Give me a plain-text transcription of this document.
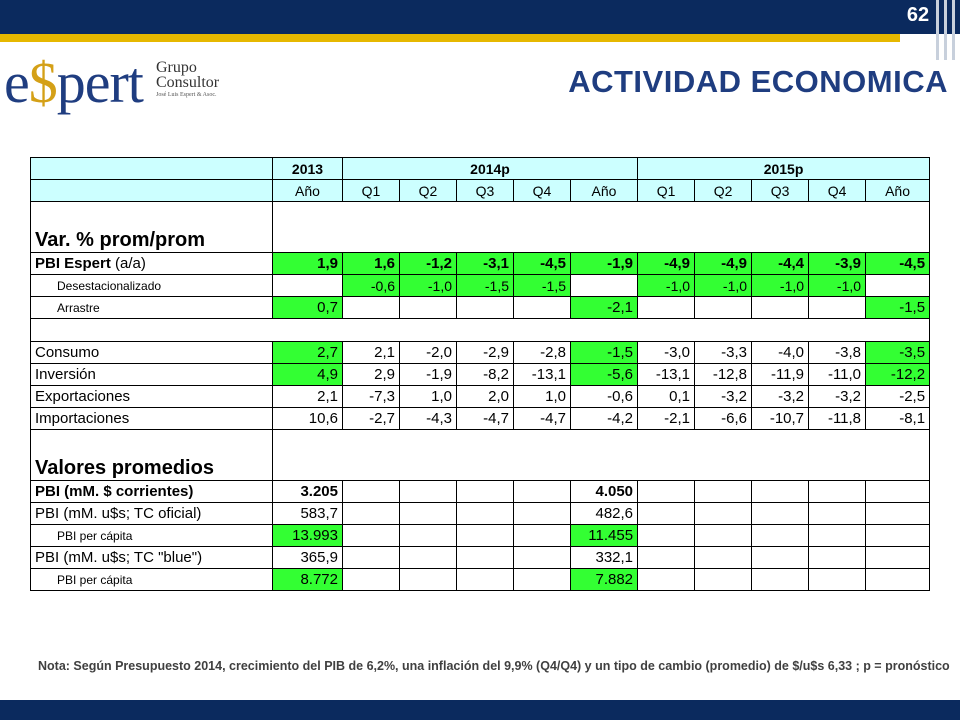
62
e$pert Grupo
Consultor
José Luis Espert & Asoc.	ACTIVIDAD ECONOMICA
	2013	2014p					2015p				
	Año	Q1	Q2	Q3	Q4	Año	Q1	Q2	Q3	Q4	Año
Var. % prom/prom											
PBI Espert (a/a)	1,9	1,6	-1,2	-3,1	-4,5	-1,9	-4,9	-4,9	-4,4	-3,9	-4,5
Desestacionalizado		-0,6	-1,0	-1,5	-1,5		-1,0	-1,0	-1,0	-1,0	
Arrastre	0,7					-2,1					-1,5

Consumo	2,7	2,1	-2,0	-2,9	-2,8	-1,5	-3,0	-3,3	-4,0	-3,8	-3,5
Inversión	4,9	2,9	-1,9	-8,2	-13,1	-5,6	-13,1	-12,8	-11,9	-11,0	-12,2
Exportaciones	2,1	-7,3	1,0	2,0	1,0	-0,6	0,1	-3,2	-3,2	-3,2	-2,5
Importaciones	10,6	-2,7	-4,3	-4,7	-4,7	-4,2	-2,1	-6,6	-10,7	-11,8	-8,1
Valores promedios											
PBI (mM. $ corrientes)	3.205					4.050					
PBI (mM. u$s; TC oficial)	583,7					482,6					
PBI per cápita	13.993					11.455					
PBI (mM. u$s; TC "blue")	365,9					332,1					
PBI per cápita	8.772					7.882					
Nota: Según Presupuesto 2014, crecimiento del PIB de 6,2%, una inflación del 9,9% (Q4/Q4) y un tipo de cambio (promedio) de $/u$s 6,33 ; p = pronóstico
